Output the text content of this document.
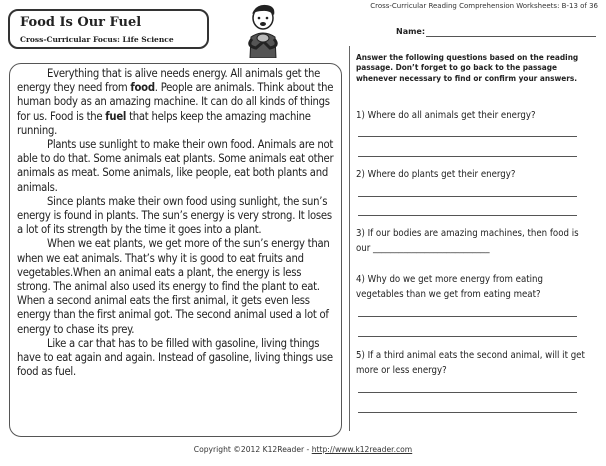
Cross-Curricular Reading Comprehension Worksheets: B-13 of 36
Food Is Our Fuel
Cross-Curricular Focus: Life Science
Name:

Everything that is alive needs energy. All animals get the energy they need from food. People are animals. Think about the human body as an amazing machine. It can do all kinds of things for us. Food is the fuel that helps keep the amazing machine running.

Plants use sunlight to make their own food. Animals are not able to do that. Some animals eat plants. Some animals eat other animals as meat. Some animals, like people, eat both plants and animals.

Since plants make their own food using sunlight, the sun’s energy is found in plants. The sun’s energy is very strong. It loses a lot of its strength by the time it goes into a plant.

When we eat plants, we get more of the sun’s energy than when we eat animals. That’s why it is good to eat fruits and vegetables.When an animal eats a plant, the energy is less strong. The animal also used its energy to find the plant to eat. When a second animal eats the first animal, it gets even less energy than the first animal got. The second animal used a lot of energy to chase its prey.

Like a car that has to be filled with gasoline, living things have to eat again and again. Instead of gasoline, living things use food as fuel.

Answer the following questions based on the reading passage. Don’t forget to go back to the passage whenever necessary to find or confirm your answers.

1) Where do all animals get their energy?
2) Where do plants get their energy?
3) If our bodies are amazing machines, then food is our ___________________________
4) Why do we get more energy from eating vegetables than we get from eating meat?
5) If a third animal eats the second animal, will it get more or less energy?
Copyright ©2012 K12Reader - http://www.k12reader.com
